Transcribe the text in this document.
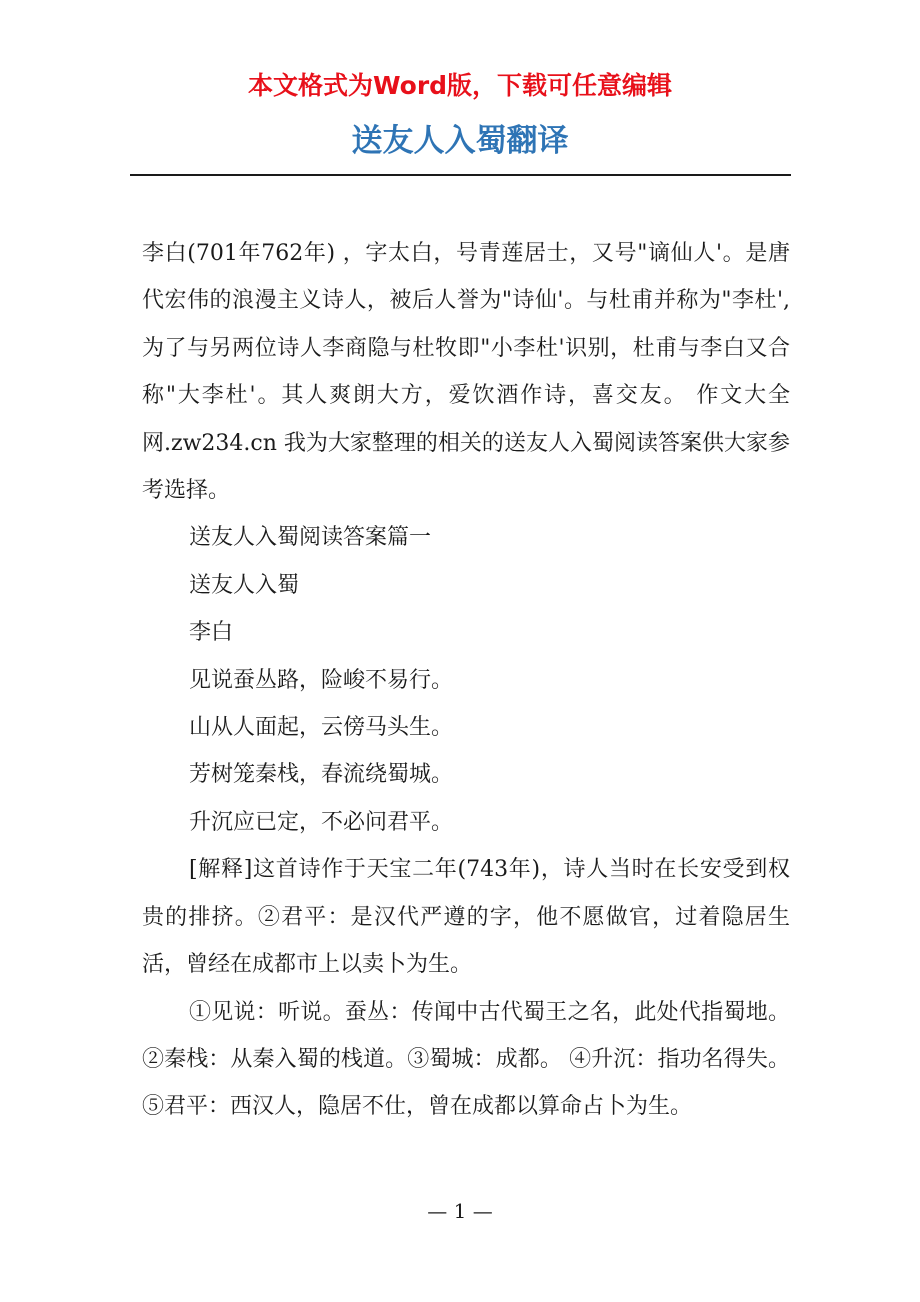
本文格式为Word版，下载可任意编辑
送友人入蜀翻译

李白(701年762年) ，字太白，号青莲居士，又号"谪仙人'。是唐代宏伟的浪漫主义诗人，被后人誉为"诗仙'。与杜甫并称为"李杜',为了与另两位诗人李商隐与杜牧即"小李杜'识别，杜甫与李白又合称"大李杜'。其人爽朗大方，爱饮酒作诗，喜交友。 作文大全网.zw234.cn 我为大家整理的相关的送友人入蜀阅读答案供大家参考选择。

送友人入蜀阅读答案篇一

送友人入蜀

李白

见说蚕丛路，险峻不易行。

山从人面起，云傍马头生。

芳树笼秦栈，春流绕蜀城。

升沉应已定，不必问君平。

[解释]这首诗作于天宝二年(743年)，诗人当时在长安受到权贵的排挤。②君平：是汉代严遵的字，他不愿做官，过着隐居生活，曾经在成都市上以卖卜为生。

①见说：听说。蚕丛：传闻中古代蜀王之名，此处代指蜀地。 ②秦栈：从秦入蜀的栈道。③蜀城：成都。 ④升沉：指功名得失。⑤君平：西汉人，隐居不仕，曾在成都以算命占卜为生。

— 1 —
